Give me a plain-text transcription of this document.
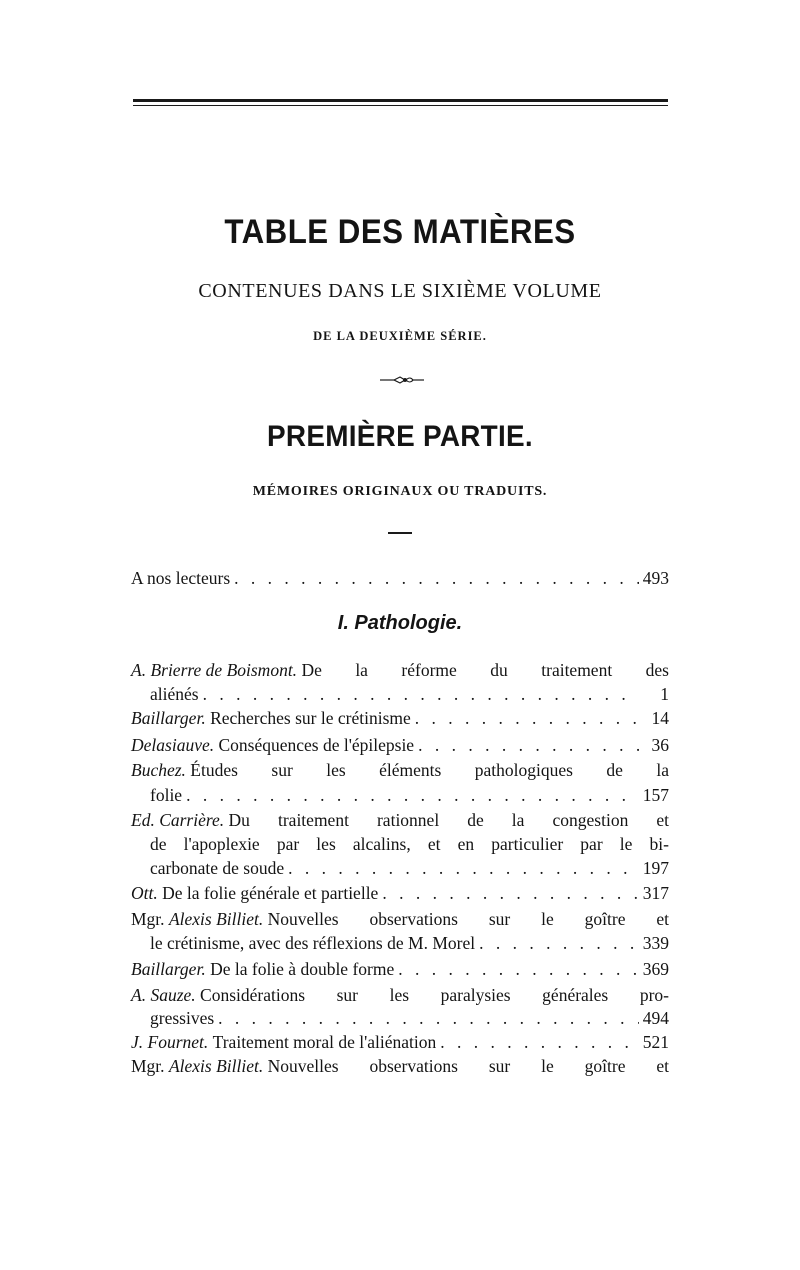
TABLE DES MATIÈRES
CONTENUES DANS LE SIXIÈME VOLUME
DE LA DEUXIÈME SÉRIE.
PREMIÈRE PARTIE.
MÉMOIRES ORIGINAUX OU TRADUITS.
A nos lecteurs . . .	493
I. Pathologie.
A. Brierre de Boismont.
De la réforme du traitement des
aliénés . . .	1
Baillarger.
Recherches sur le crétinisme . . .	14
Delasiauve.
Conséquences de l'épilepsie . . .	36
Buchez.
Études sur les éléments pathologiques de la
folie . . .	157
Ed. Carrière.
Du traitement rationnel de la congestion et
de l'apoplexie par les alcalins, et en particulier par le bi-
carbonate de soude . . .	197
Ott.
De la folie générale et partielle . . .	317
Mgr.
Alexis Billiet.
Nouvelles observations sur le goître et
le crétinisme, avec des réflexions de M. Morel . . .	339
Baillarger.
De la folie à double forme . . .	369
A. Sauze.
Considérations sur les paralysies générales pro-
gressives . . .	494
J. Fournet.
Traitement moral de l'aliénation . . .	521
Mgr.
Alexis Billiet.
Nouvelles observations sur le goître et
